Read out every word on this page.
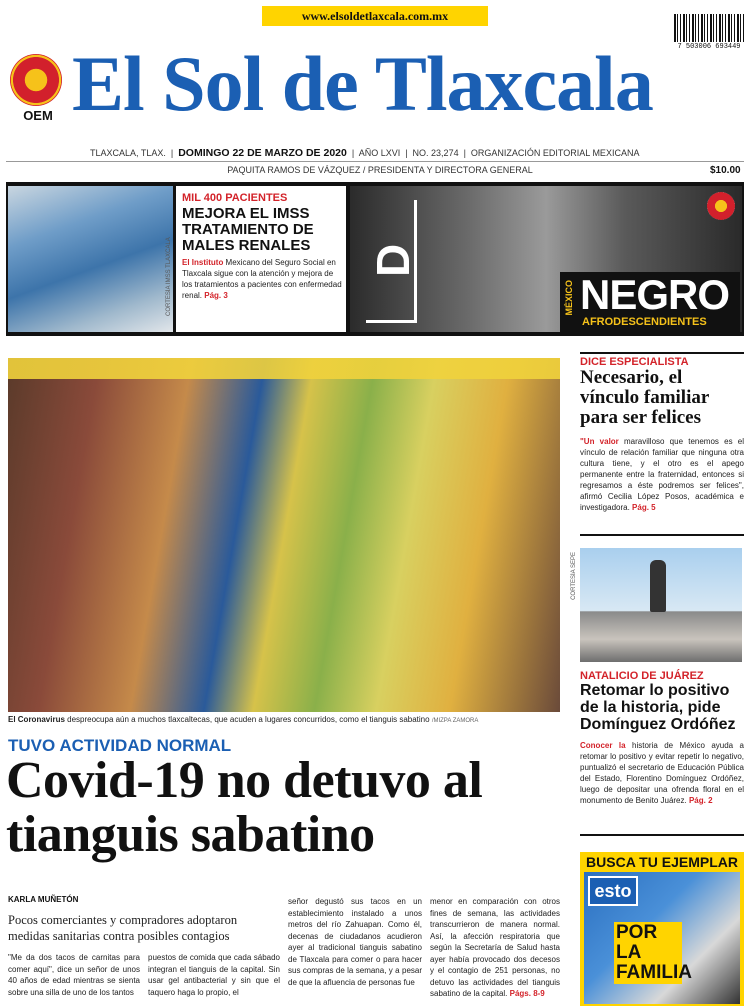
www.elsoldetlaxcala.com.mx
7 503006 693449
OEM El Sol de Tlaxcala
TLAXCALA, TLAX.  |  DOMINGO 22 DE MARZO DE 2020  |  AÑO LXVI  |  NO. 23,274  |  ORGANIZACIÓN EDITORIAL MEXICANA
PAQUITA RAMOS DE VÁZQUEZ / PRESIDENTA Y DIRECTORA GENERAL	$10.00
CORTESÍA IMSS TLAXCALA
MIL 400 PACIENTES
MEJORA EL IMSS TRATAMIENTO DE MALES RENALES
El Instituto Mexicano del Seguro Social en Tlaxcala sigue con la atención y mejora de los tratamientos a pacientes con enfermedad renal. Pág. 3
D
MÉXICO NEGRO
AFRODESCENDIENTES
El Coronavirus despreocupa aún a muchos tlaxcaltecas, que acuden a lugares concurridos, como el tianguis sabatino /MIZPA ZAMORA
TUVO ACTIVIDAD NORMAL
Covid-19 no detuvo al tianguis sabatino
KARLA MUÑETÓN
Pocos comerciantes y compradores adoptaron medidas sanitarias contra posibles contagios
"Me da dos tacos de carnitas para comer aquí", dice un señor de unos 40 años de edad mientras se sienta sobre una silla de uno de los tantos
puestos de comida que cada sábado integran el tianguis de la capital. Sin usar gel antibacterial y sin que el taquero haga lo propio, el
señor degustó sus tacos en un establecimiento instalado a unos metros del río Zahuapan. Como él, decenas de ciudadanos acudieron ayer al tradicional tianguis sabatino de Tlaxcala para comer o para hacer sus compras de la semana, y a pesar de que la afluencia de personas fue
menor en comparación con otros fines de semana, las actividades transcurrieron de manera normal. Así, la afección respiratoria que según la Secretaría de Salud hasta ayer había provocado dos decesos y el contagio de 251 personas, no detuvo las actividades del tianguis sabatino de la capital. Págs. 8-9
DICE ESPECIALISTA
Necesario, el vínculo familiar para ser felices
"Un valor maravilloso que tenemos es el vínculo de relación familiar que ninguna otra cultura tiene, y el otro es el apego permanente entre la fraternidad, entonces si regresamos a éste podremos ser felices", afirmó Cecilia López Posos, académica e investigadora. Pág. 5
CORTESÍA SEPE
NATALICIO DE JUÁREZ
Retomar lo positivo de la historia, pide Domínguez Ordóñez
Conocer la historia de México ayuda a retomar lo positivo y evitar repetir lo negativo, puntualizó el secretario de Educación Pública del Estado, Florentino Domínguez Ordóñez, luego de depositar una ofrenda floral en el monumento de Benito Juárez. Pág. 2
BUSCA TU EJEMPLAR
esto
POR LA FAMILIA
